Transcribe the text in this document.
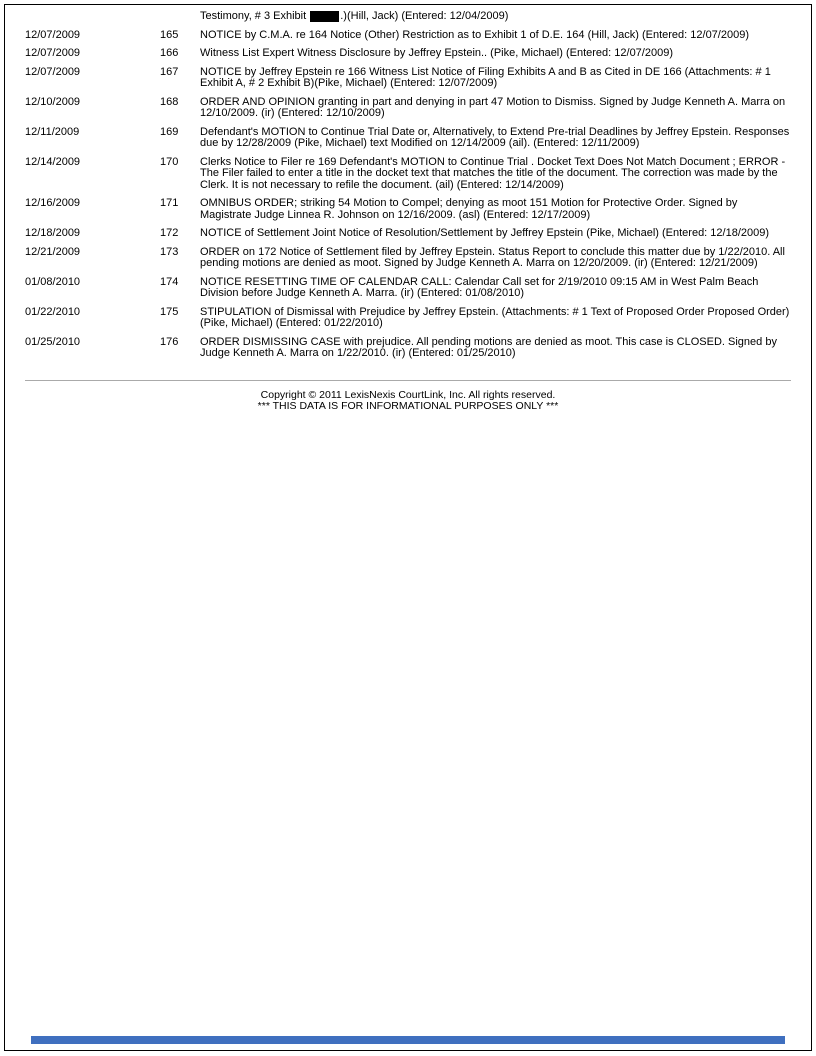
Testimony, # 3 Exhibit	.)(Hill, Jack) (Entered: 12/04/2009)
12/07/2009	165	NOTICE by C.M.A. re 164 Notice (Other) Restriction as to Exhibit 1 of D.E. 164 (Hill, Jack) (Entered: 12/07/2009)
12/07/2009	166	Witness List Expert Witness Disclosure by Jeffrey Epstein.. (Pike, Michael) (Entered: 12/07/2009)
12/07/2009	167	NOTICE by Jeffrey Epstein re 166 Witness List Notice of Filing Exhibits A and B as Cited in DE 166 (Attachments: # 1 Exhibit A, # 2 Exhibit B)(Pike, Michael) (Entered: 12/07/2009)
12/10/2009	168	ORDER AND OPINION granting in part and denying in part 47 Motion to Dismiss. Signed by Judge Kenneth A. Marra on 12/10/2009. (ir) (Entered: 12/10/2009)
12/11/2009	169	Defendant's MOTION to Continue Trial Date or, Alternatively, to Extend Pre-trial Deadlines by Jeffrey Epstein. Responses due by 12/28/2009 (Pike, Michael) text Modified on 12/14/2009 (ail). (Entered: 12/11/2009)
12/14/2009	170	Clerks Notice to Filer re 169 Defendant's MOTION to Continue Trial . Docket Text Does Not Match Document ; ERROR - The Filer failed to enter a title in the docket text that matches the title of the document. The correction was made by the Clerk. It is not necessary to refile the document. (ail) (Entered: 12/14/2009)
12/16/2009	171	OMNIBUS ORDER; striking 54 Motion to Compel; denying as moot 151 Motion for Protective Order. Signed by Magistrate Judge Linnea R. Johnson on 12/16/2009. (asl) (Entered: 12/17/2009)
12/18/2009	172	NOTICE of Settlement Joint Notice of Resolution/Settlement by Jeffrey Epstein (Pike, Michael) (Entered: 12/18/2009)
12/21/2009	173	ORDER on 172 Notice of Settlement filed by Jeffrey Epstein. Status Report to conclude this matter due by 1/22/2010. All pending motions are denied as moot. Signed by Judge Kenneth A. Marra on 12/20/2009. (ir) (Entered: 12/21/2009)
01/08/2010	174	NOTICE RESETTING TIME OF CALENDAR CALL: Calendar Call set for 2/19/2010 09:15 AM in West Palm Beach Division before Judge Kenneth A. Marra. (ir) (Entered: 01/08/2010)
01/22/2010	175	STIPULATION of Dismissal with Prejudice by Jeffrey Epstein. (Attachments: # 1 Text of Proposed Order Proposed Order)(Pike, Michael) (Entered: 01/22/2010)
01/25/2010	176	ORDER DISMISSING CASE with prejudice. All pending motions are denied as moot. This case is CLOSED. Signed by Judge Kenneth A. Marra on 1/22/2010. (ir) (Entered: 01/25/2010)
Copyright © 2011 LexisNexis CourtLink, Inc. All rights reserved.
*** THIS DATA IS FOR INFORMATIONAL PURPOSES ONLY ***
